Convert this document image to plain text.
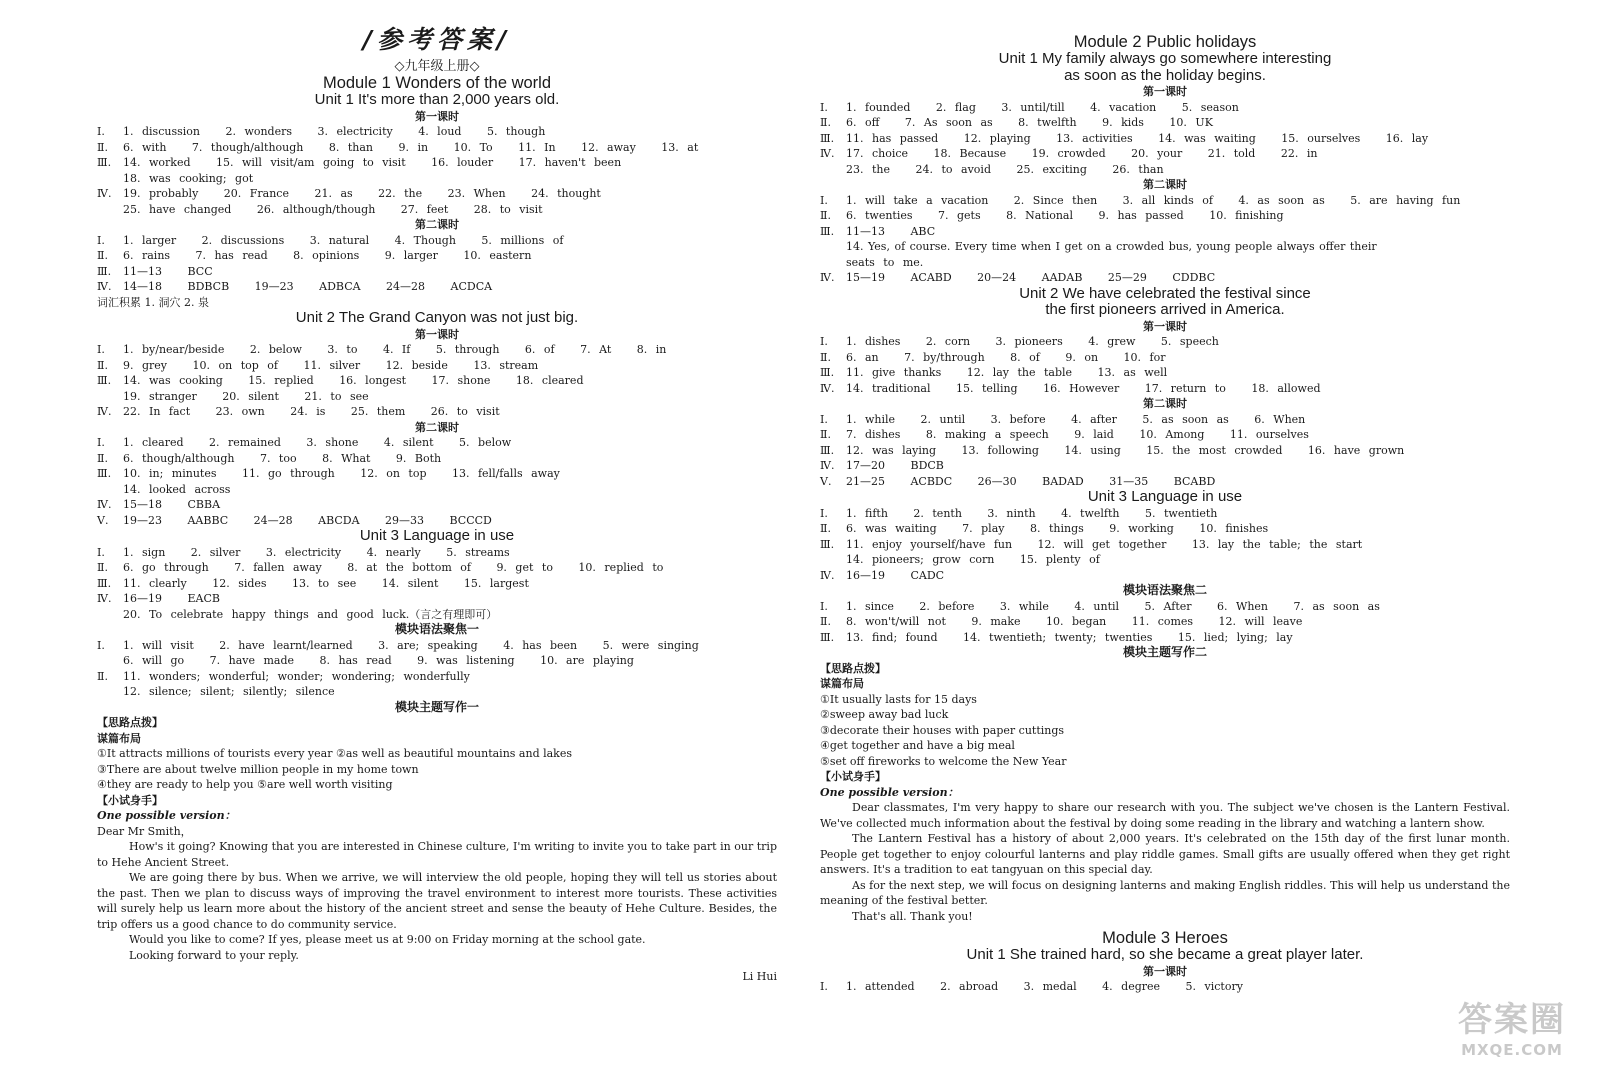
/参考答案/
◇九年级上册◇
Module 1 Wonders of the world
Unit 1 It's more than 2,000 years old.
第一课时
Ⅰ.	1. discussion   2. wonders   3. electricity   4. loud   5. though
Ⅱ.	6. with   7. though/although   8. than   9. in   10. To   11. In   12. away   13. at
Ⅲ.	14. worked   15. will visit/am going to visit   16. louder   17. haven't been
18. was cooking; got
Ⅳ.	19. probably   20. France   21. as   22. the   23. When   24. thought
25. have changed   26. although/though   27. feet   28. to visit
第二课时
Ⅰ.	1. larger   2. discussions   3. natural   4. Though   5. millions of
Ⅱ.	6. rains   7. has read   8. opinions   9. larger   10. eastern
Ⅲ.	11—13   BCC
Ⅳ.	14—18   BDBCB   19—23   ADBCA   24—28   ACDCA
词汇积累 1. 洞穴 2. 泉
Unit 2 The Grand Canyon was not just big.
第一课时
Ⅰ.	1. by/near/beside   2. below   3. to   4. If   5. through   6. of   7. At   8. in
Ⅱ.	9. grey   10. on top of   11. silver   12. beside   13. stream
Ⅲ.	14. was cooking   15. replied   16. longest   17. shone   18. cleared
19. stranger   20. silent   21. to see
Ⅳ.	22. In fact   23. own   24. is   25. them   26. to visit
第二课时
Ⅰ.	1. cleared   2. remained   3. shone   4. silent   5. below
Ⅱ.	6. though/although   7. too   8. What   9. Both
Ⅲ.	10. in; minutes   11. go through   12. on top   13. fell/falls away
14. looked across
Ⅳ.	15—18   CBBA
Ⅴ.	19—23   AABBC   24—28   ABCDA   29—33   BCCCD
Unit 3 Language in use
Ⅰ.	1. sign   2. silver   3. electricity   4. nearly   5. streams
Ⅱ.	6. go through   7. fallen away   8. at the bottom of   9. get to   10. replied to
Ⅲ.	11. clearly   12. sides   13. to see   14. silent   15. largest
Ⅳ.	16—19   EACB
20. To celebrate happy things and good luck.（言之有理即可）
模块语法聚焦一
Ⅰ.	1. will visit   2. have learnt/learned   3. are; speaking   4. has been   5. were singing
6. will go   7. have made   8. has read   9. was listening   10. are playing
Ⅱ.	11. wonders; wonderful; wonder; wondering; wonderfully
12. silence; silent; silently; silence
模块主题写作一
【思路点拨】
谋篇布局
①It attracts millions of tourists every year ②as well as beautiful mountains and lakes
③There are about twelve million people in my home town
④they are ready to help you ⑤are well worth visiting
【小试身手】
One possible version：
Dear Mr Smith，
How's it going? Knowing that you are interested in Chinese culture, I'm writing to invite you to take part in our trip to Hehe Ancient Street.
We are going there by bus. When we arrive, we will interview the old people, hoping they will tell us stories about the past. Then we plan to discuss ways of improving the travel environment to interest more tourists. These activities will surely help us learn more about the history of the ancient street and sense the beauty of Hehe Culture. Besides, the trip offers us a good chance to do community service.
Would you like to come? If yes, please meet us at 9:00 on Friday morning at the school gate.
Looking forward to your reply.
Li Hui
Module 2 Public holidays
Unit 1 My family always go somewhere interesting
as soon as the holiday begins.
第一课时
Ⅰ.	1. founded   2. flag   3. until/till   4. vacation   5. season
Ⅱ.	6. off   7. As soon as   8. twelfth   9. kids   10. UK
Ⅲ.	11. has passed   12. playing   13. activities   14. was waiting   15. ourselves   16. lay
Ⅳ.	17. choice   18. Because   19. crowded   20. your   21. told   22. in
23. the   24. to avoid   25. exciting   26. than
第二课时
Ⅰ.	1. will take a vacation   2. Since then   3. all kinds of   4. as soon as   5. are having fun
Ⅱ.	6. twenties   7. gets   8. National   9. has passed   10. finishing
Ⅲ.	11—13   ABC
14. Yes, of course. Every time when I get on a crowded bus, young people always offer their
seats to me.
Ⅳ.	15—19   ACABD   20—24   AADAB   25—29   CDDBC
Unit 2 We have celebrated the festival since
the first pioneers arrived in America.
第一课时
Ⅰ.	1. dishes   2. corn   3. pioneers   4. grew   5. speech
Ⅱ.	6. an   7. by/through   8. of   9. on   10. for
Ⅲ.	11. give thanks   12. lay the table   13. as well
Ⅳ.	14. traditional   15. telling   16. However   17. return to   18. allowed
第二课时
Ⅰ.	1. while   2. until   3. before   4. after   5. as soon as   6. When
Ⅱ.	7. dishes   8. making a speech   9. laid   10. Among   11. ourselves
Ⅲ.	12. was laying   13. following   14. using   15. the most crowded   16. have grown
Ⅳ.	17—20   BDCB
Ⅴ.	21—25   ACBDC   26—30   BADAD   31—35   BCABD
Unit 3 Language in use
Ⅰ.	1. fifth   2. tenth   3. ninth   4. twelfth   5. twentieth
Ⅱ.	6. was waiting   7. play   8. things   9. working   10. finishes
Ⅲ.	11. enjoy yourself/have fun   12. will get together   13. lay the table; the start
14. pioneers; grow corn   15. plenty of
Ⅳ.	16—19   CADC
模块语法聚焦二
Ⅰ.	1. since   2. before   3. while   4. until   5. After   6. When   7. as soon as
Ⅱ.	8. won't/will not   9. make   10. began   11. comes   12. will leave
Ⅲ.	13. find; found   14. twentieth; twenty; twenties   15. lied; lying; lay
模块主题写作二
【思路点拨】
谋篇布局
①It usually lasts for 15 days
②sweep away bad luck
③decorate their houses with paper cuttings
④get together and have a big meal
⑤set off fireworks to welcome the New Year
【小试身手】
One possible version：
Dear classmates, I'm very happy to share our research with you. The subject we've chosen is the Lantern Festival. We've collected much information about the festival by doing some reading in the library and watching a lantern show.
The Lantern Festival has a history of about 2,000 years. It's celebrated on the 15th day of the first lunar month. People get together to enjoy colourful lanterns and play riddle games. Small gifts are usually offered when they get right answers. It's a tradition to eat tangyuan on this special day.
As for the next step, we will focus on designing lanterns and making English riddles. This will help us understand the meaning of the festival better.
That's all. Thank you!
Module 3 Heroes
Unit 1 She trained hard, so she became a great player later.
第一课时
Ⅰ.	1. attended   2. abroad   3. medal   4. degree   5. victory
答案圈
MXQE.COM
